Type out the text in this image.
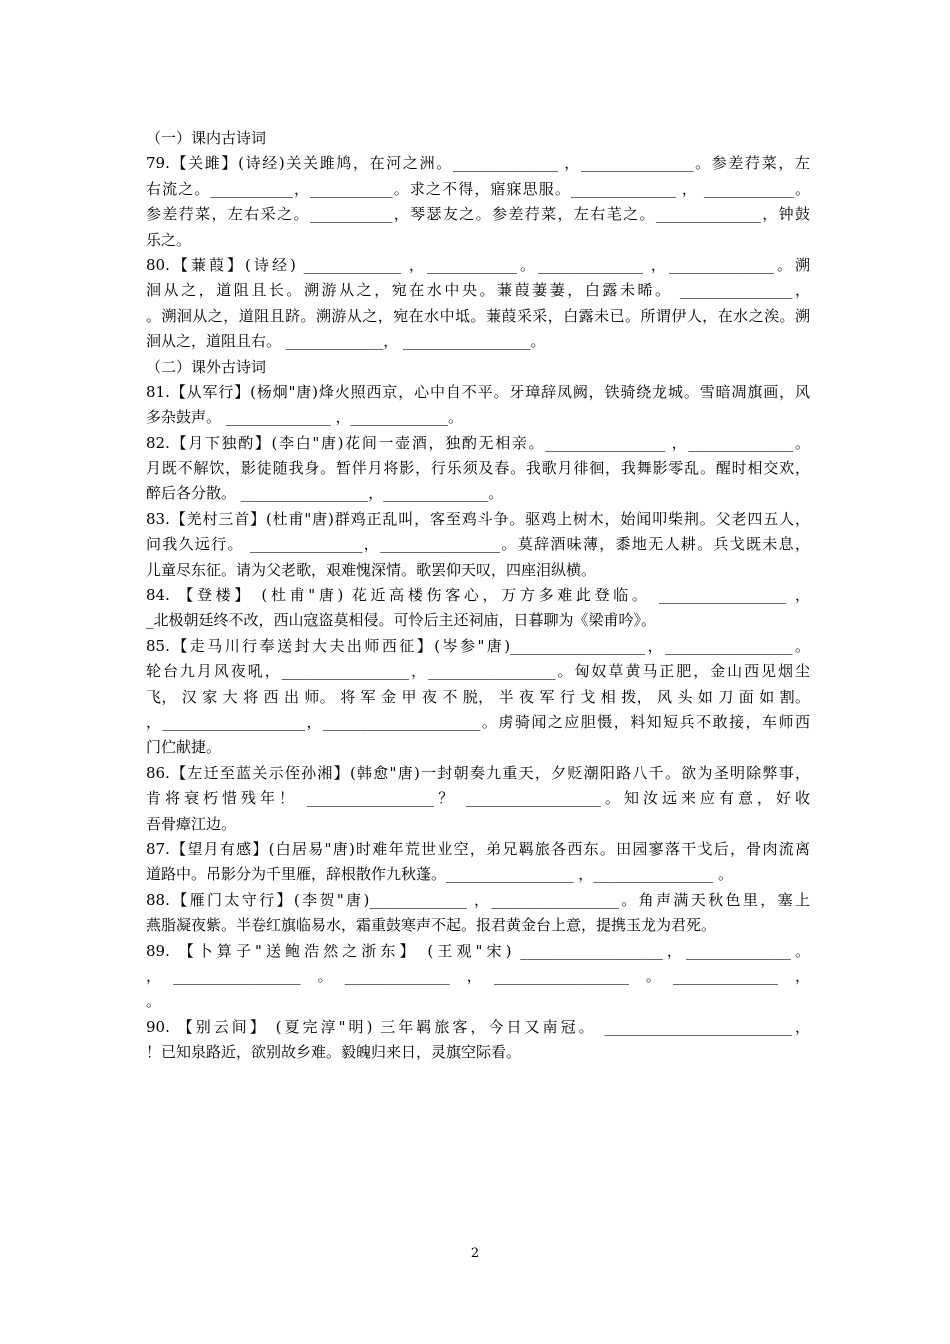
（一）课内古诗词
79.【关雎】(诗经)关关雎鸠，在河之洲。______________ ，_______________。参差荇菜，左
右流之。___________，___________。求之不得，寤寐思服。______________ ， ____________。
参差荇菜，左右采之。___________，琴瑟友之。参差荇菜，左右芼之。______________，钟鼓
乐之。
80.【蒹葭】(诗经) _____________ ，____________。______________ ，______________。溯
洄从之，道阻且长。溯游从之，宛在水中央。蒹葭萋萋，白露未晞。 _______________，
。溯洄从之，道阻且跻。溯游从之，宛在水中坻。蒹葭采采，白露未已。所谓伊人，在水之涘。溯
洄从之，道阻且右。 _____________， _________________。
（二）课外古诗词
81.【从军行】(杨炯"唐)烽火照西京，心中自不平。牙璋辞凤阙，铁骑绕龙城。雪暗凋旗画，风
多杂鼓声。 ______________ ，_____________。
82.【月下独酌】(李白"唐)花间一壶酒，独酌无相亲。________________ ，______________。
月既不解饮，影徒随我身。暂伴月将影，行乐须及春。我歌月徘徊，我舞影零乱。醒时相交欢，
醉后各分散。 _________________，______________。
83.【羌村三首】(杜甫"唐)群鸡正乱叫，客至鸡斗争。驱鸡上树木，始闻叩柴荆。父老四五人，
问我久远行。 _______________，________________。莫辞酒味薄，黍地无人耕。兵戈既未息，
儿童尽东征。请为父老歌，艰难愧深情。歌罢仰天叹，四座泪纵横。
84. 【登楼】 (杜甫"唐) 花近高楼伤客心，万方多难此登临。 _________________ ，
_北极朝廷终不改，西山寇盗莫相侵。可怜后主还祠庙，日暮聊为《梁甫吟》。
85.【走马川行奉送封大夫出师西征】(岑参"唐)__________________，_________________。
轮台九月风夜吼，_________________，_________________。匈奴草黄马正肥，金山西见烟尘
飞， 汉 家 大 将 西 出 师。 将 军 金 甲 夜 不 脱， 半 夜 军 行 戈 相 拨， 风 头 如 刀 面 如 割。
，___________________，_____________________。虏骑闻之应胆慑，料知短兵不敢接，车师西
门伫献捷。
86.【左迁至蓝关示侄孙湘】(韩愈"唐)一封朝奏九重天，夕贬潮阳路八千。欲为圣明除弊事，
肯将衰朽惜残年！ _________________？ __________________。知汝远来应有意，好收
吾骨瘴江边。
87.【望月有感】(白居易"唐)时难年荒世业空，弟兄羁旅各西东。田园寥落干戈后，骨肉流离
道路中。吊影分为千里雁，辞根散作九秋蓬。_________________ ，________________ 。
88.【雁门太守行】(李贺"唐)_____________ ，_________________。角声满天秋色里，塞上
燕脂凝夜紫。半卷红旗临易水，霜重鼓寒声不起。报君黄金台上意，提携玉龙为君死。
89. 【卜算子"送鲍浩然之浙东】 (王观"宋) ___________________，______________。
，_________________ 。______________ ，__________________ 。______________ ，
。
90. 【别云间】 (夏完淳"明) 三年羁旅客，今日又南冠。 _________________________，
！已知泉路近，欲别故乡难。毅魄归来日，灵旗空际看。
2
